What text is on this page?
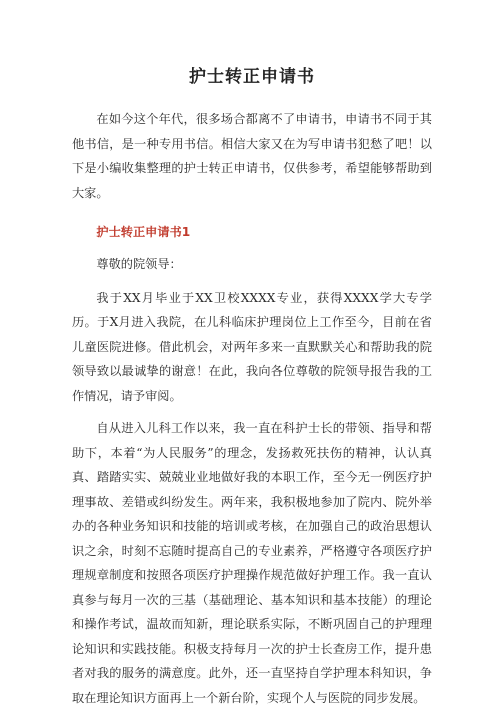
护士转正申请书

在如今这个年代，很多场合都离不了申请书，申请书不同于其他书信，是一种专用书信。相信大家又在为写申请书犯愁了吧！以下是小编收集整理的护士转正申请书，仅供参考，希望能够帮助到大家。

护士转正申请书1

尊敬的院领导：

我于XX月毕业于XX卫校XXXX专业，获得XXXX学大专学历。于X月进入我院，在儿科临床护理岗位上工作至今，目前在省儿童医院进修。借此机会，对两年多来一直默默关心和帮助我的院领导致以最诚挚的谢意！在此，我向各位尊敬的院领导报告我的工作情况，请予审阅。

自从进入儿科工作以来，我一直在科护士长的带领、指导和帮助下，本着“为人民服务”的理念，发扬救死扶伤的精神，认认真真、踏踏实实、兢兢业业地做好我的本职工作，至今无一例医疗护理事故、差错或纠纷发生。两年来，我积极地参加了院内、院外举办的各种业务知识和技能的培训或考核，在加强自己的政治思想认识之余，时刻不忘随时提高自己的专业素养，严格遵守各项医疗护理规章制度和按照各项医疗护理操作规范做好护理工作。我一直认真参与每月一次的三基（基础理论、基本知识和基本技能）的理论和操作考试，温故而知新，理论联系实际，不断巩固自己的护理理论知识和实践技能。积极支持每月一次的护士长查房工作，提升患者对我的服务的满意度。此外，还一直坚持自学护理本科知识，争取在理论知识方面再上一个新台阶，实现个人与医院的同步发展。
